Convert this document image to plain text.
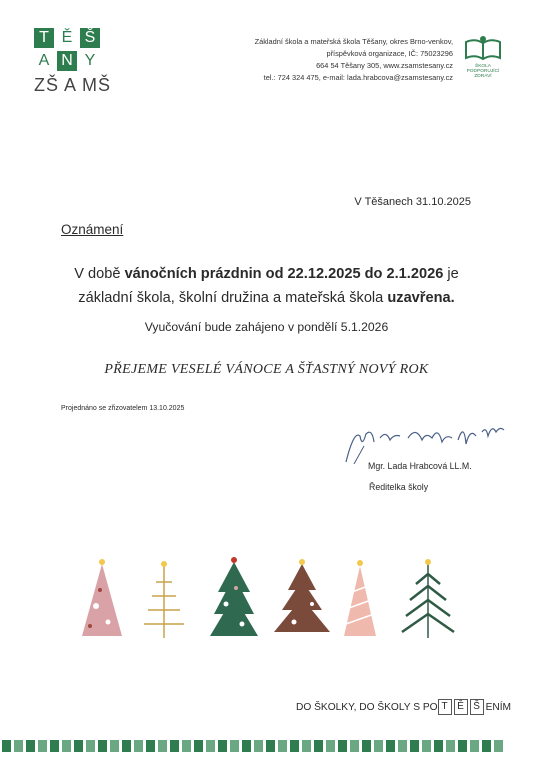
T Ě Š
A N Y
ZŠ A MŠ
Základní škola a mateřská škola Těšany, okres Brno-venkov,
příspěvková organizace, IČ: 75023296
664 54 Těšany 305, www.zsamstesany.cz
tel.: 724 324 475, e-mail: lada.hrabcova@zsamstesany.cz
ŠKOLA
PODPORUJÍCÍ ZDRAVÍ
V Těšanech 31.10.2025
Oznámení
V době vánočních prázdnin od 22.12.2025 do 2.1.2026 je
základní škola, školní družina a mateřská škola uzavřena.
Vyučování bude zahájeno v pondělí 5.1.2026
PŘEJEME VESELÉ VÁNOCE A ŠŤASTNÝ NOVÝ ROK
Projednáno se zřizovatelem 13.10.2025
Mgr. Lada Hrabcová LL.M.
Ředitelka školy
DO ŠKOLKY, DO ŠKOLY S PO T Ě Š ENÍM
